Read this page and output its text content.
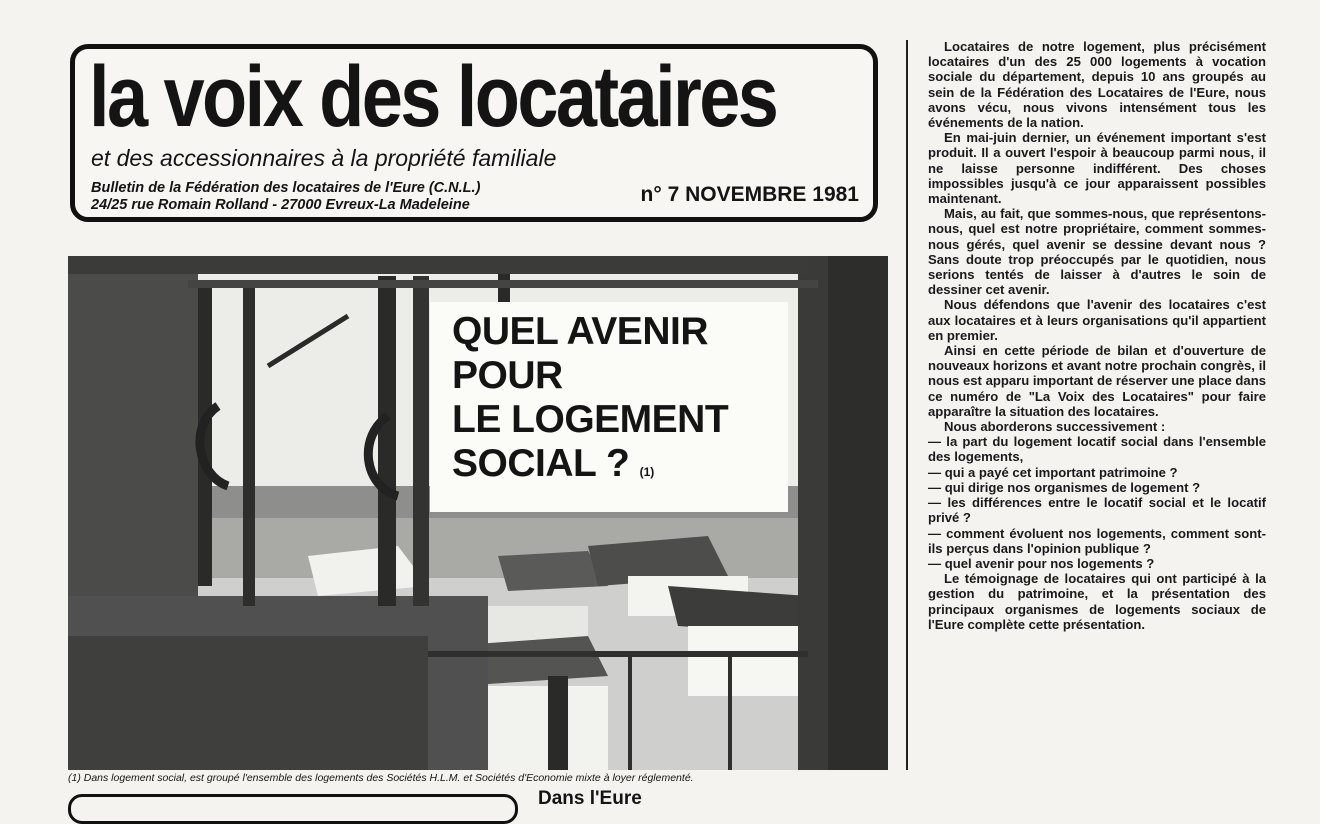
la voix des locataires
et des accessionnaires à la propriété familiale
Bulletin de la Fédération des locataires de l'Eure (C.N.L.)
24/25 rue Romain Rolland - 27000 Evreux-La Madeleine	n° 7 NOVEMBRE 1981
QUEL AVENIR
POUR
LE LOGEMENT
SOCIAL ? (1)
(1) Dans logement social, est groupé l'ensemble des logements des Sociétés H.L.M. et Sociétés d'Economie mixte à loyer réglementé.

Locataires de notre logement, plus précisément locataires d'un des 25 000 logements à vocation sociale du département, depuis 10 ans groupés au sein de la Fédération des Locataires de l'Eure, nous avons vécu, nous vivons intensément tous les événements de la nation.

En mai-juin dernier, un événement important s'est produit. Il a ouvert l'espoir à beaucoup parmi nous, il ne laisse personne indifférent. Des choses impossibles jusqu'à ce jour apparaissent possibles maintenant.

Mais, au fait, que sommes-nous, que représentons-nous, quel est notre propriétaire, comment sommes-nous gérés, quel avenir se dessine devant nous ? Sans doute trop préoccupés par le quotidien, nous serions tentés de laisser à d'autres le soin de dessiner cet avenir.

Nous défendons que l'avenir des locataires c'est aux locataires et à leurs organisations qu'il appartient en premier.

Ainsi en cette période de bilan et d'ouverture de nouveaux horizons et avant notre prochain congrès, il nous est apparu important de réserver une place dans ce numéro de "La Voix des Locataires" pour faire apparaître la situation des locataires.

Nous aborderons successivement :

— la part du logement locatif social dans l'ensemble des logements,

— qui a payé cet important patrimoine ?

— qui dirige nos organismes de logement ?

— les différences entre le locatif social et le locatif privé ?

— comment évoluent nos logements, comment sont-ils perçus dans l'opinion publique ?

— quel avenir pour nos logements ?

Le témoignage de locataires qui ont participé à la gestion du patrimoine, et la présentation des principaux organismes de logements sociaux de l'Eure complète cette présentation.

Dans l'Eure
